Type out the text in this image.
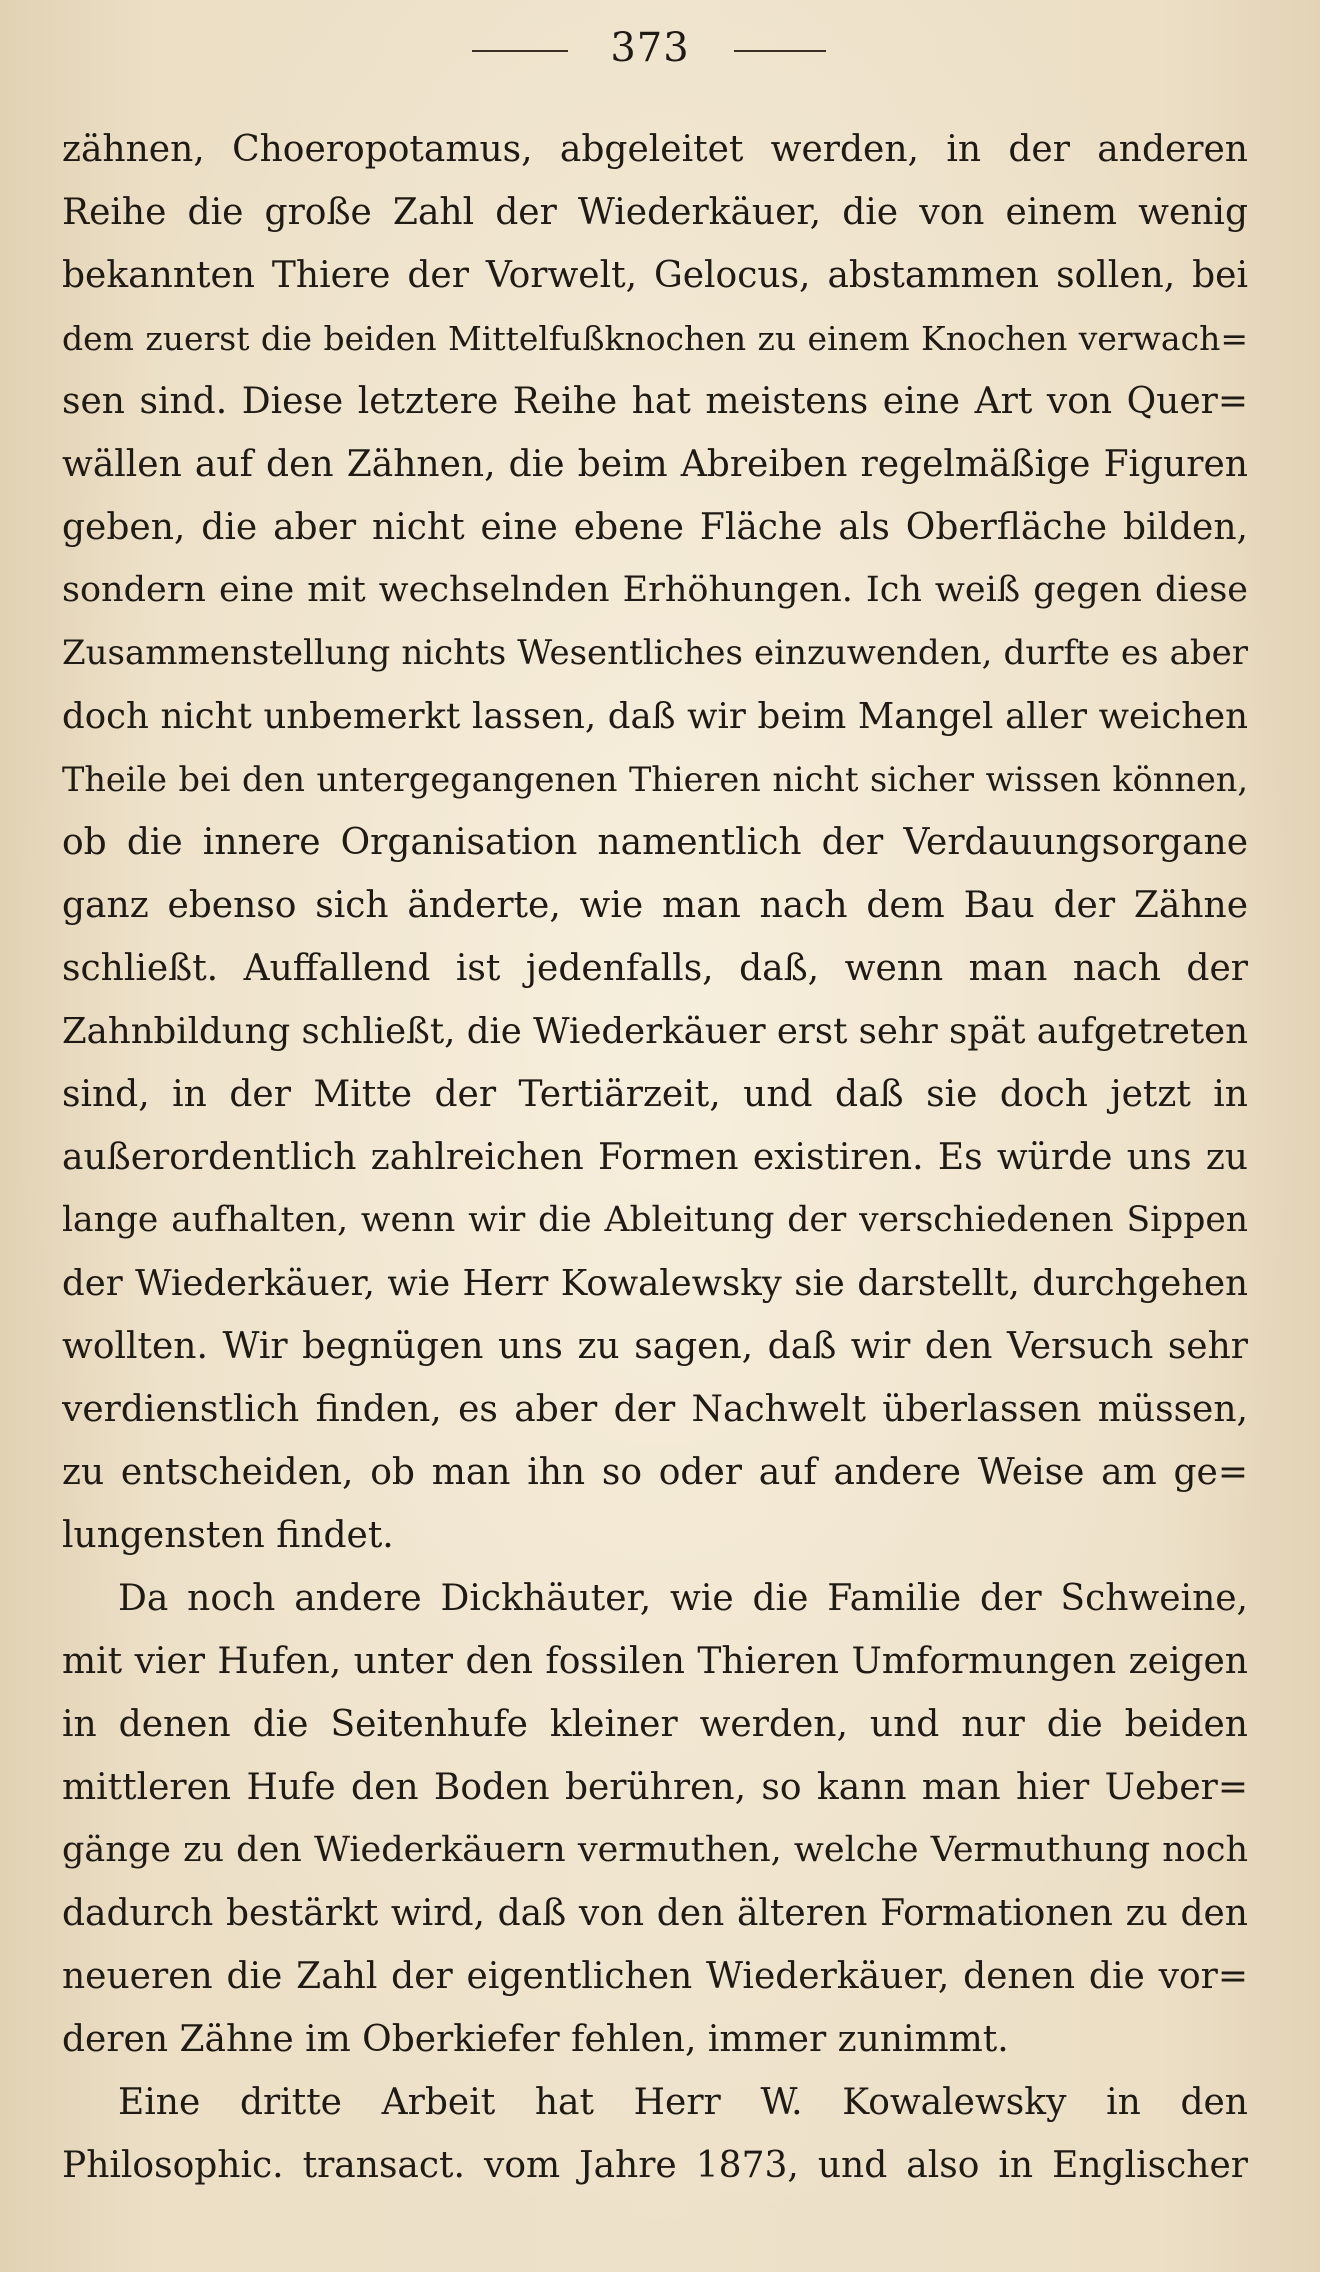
373
zähnen, Choeropotamus, abgeleitet werden, in der anderen
Reihe die große Zahl der Wiederkäuer, die von einem wenig
bekannten Thiere der Vorwelt, Gelocus, abstammen sollen, bei
dem zuerst die beiden Mittelfußknochen zu einem Knochen verwach=
sen sind. Diese letztere Reihe hat meistens eine Art von Quer=
wällen auf den Zähnen, die beim Abreiben regelmäßige Figuren
geben, die aber nicht eine ebene Fläche als Oberfläche bilden,
sondern eine mit wechselnden Erhöhungen. Ich weiß gegen diese
Zusammenstellung nichts Wesentliches einzuwenden, durfte es aber
doch nicht unbemerkt lassen, daß wir beim Mangel aller weichen
Theile bei den untergegangenen Thieren nicht sicher wissen können,
ob die innere Organisation namentlich der Verdauungsorgane
ganz ebenso sich änderte, wie man nach dem Bau der Zähne
schließt. Auffallend ist jedenfalls, daß, wenn man nach der
Zahnbildung schließt, die Wiederkäuer erst sehr spät aufgetreten
sind, in der Mitte der Tertiärzeit, und daß sie doch jetzt in
außerordentlich zahlreichen Formen existiren. Es würde uns zu
lange aufhalten, wenn wir die Ableitung der verschiedenen Sippen
der Wiederkäuer, wie Herr Kowalewsky sie darstellt, durchgehen
wollten. Wir begnügen uns zu sagen, daß wir den Versuch sehr
verdienstlich finden, es aber der Nachwelt überlassen müssen,
zu entscheiden, ob man ihn so oder auf andere Weise am ge=
lungensten findet.
Da noch andere Dickhäuter, wie die Familie der Schweine,
mit vier Hufen, unter den fossilen Thieren Umformungen zeigen
in denen die Seitenhufe kleiner werden, und nur die beiden
mittleren Hufe den Boden berühren, so kann man hier Ueber=
gänge zu den Wiederkäuern vermuthen, welche Vermuthung noch
dadurch bestärkt wird, daß von den älteren Formationen zu den
neueren die Zahl der eigentlichen Wiederkäuer, denen die vor=
deren Zähne im Oberkiefer fehlen, immer zunimmt.
Eine dritte Arbeit hat Herr W. Kowalewsky in den
Philosophic. transact. vom Jahre 1873, und also in Englischer
